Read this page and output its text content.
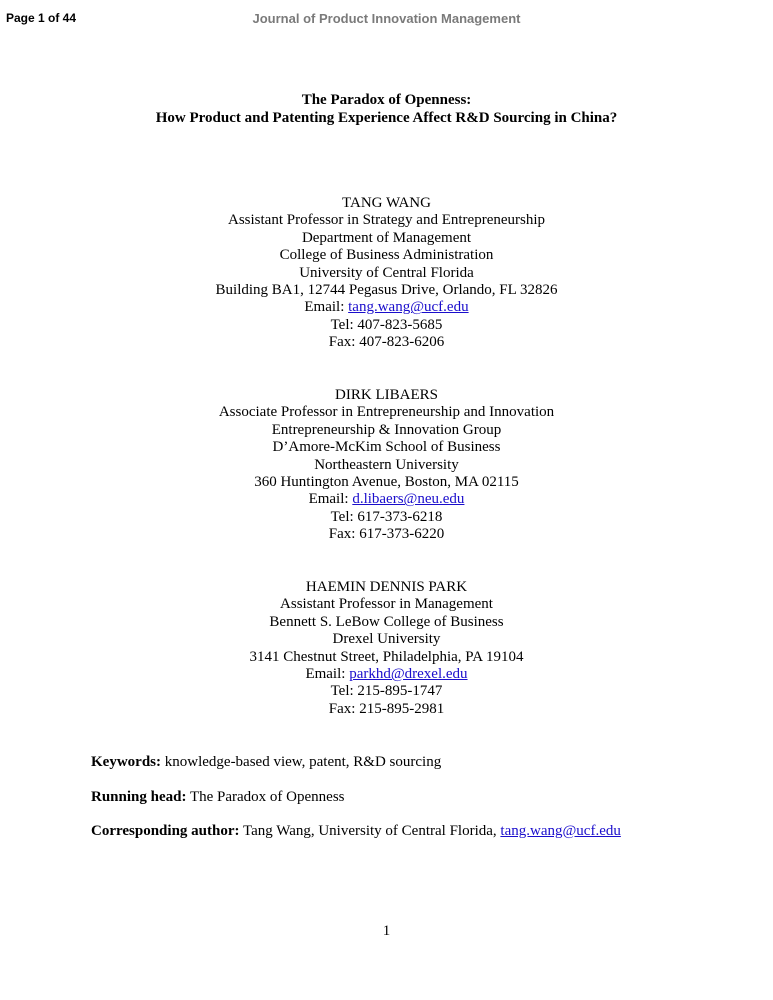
Page 1 of 44	Journal of Product Innovation Management
The Paradox of Openness:
How Product and Patenting Experience Affect R&D Sourcing in China?
TANG WANG
Assistant Professor in Strategy and Entrepreneurship
Department of Management
College of Business Administration
University of Central Florida
Building BA1, 12744 Pegasus Drive, Orlando, FL 32826
Email: tang.wang@ucf.edu
Tel: 407-823-5685
Fax: 407-823-6206
DIRK LIBAERS
Associate Professor in Entrepreneurship and Innovation
Entrepreneurship & Innovation Group
D’Amore-McKim School of Business
Northeastern University
360 Huntington Avenue, Boston, MA 02115
Email: d.libaers@neu.edu
Tel: 617-373-6218
Fax: 617-373-6220
HAEMIN DENNIS PARK
Assistant Professor in Management
Bennett S. LeBow College of Business
Drexel University
3141 Chestnut Street, Philadelphia, PA 19104
Email: parkhd@drexel.edu
Tel: 215-895-1747
Fax: 215-895-2981
Keywords: knowledge-based view, patent, R&D sourcing
Running head: The Paradox of Openness
Corresponding author: Tang Wang, University of Central Florida, tang.wang@ucf.edu
1
